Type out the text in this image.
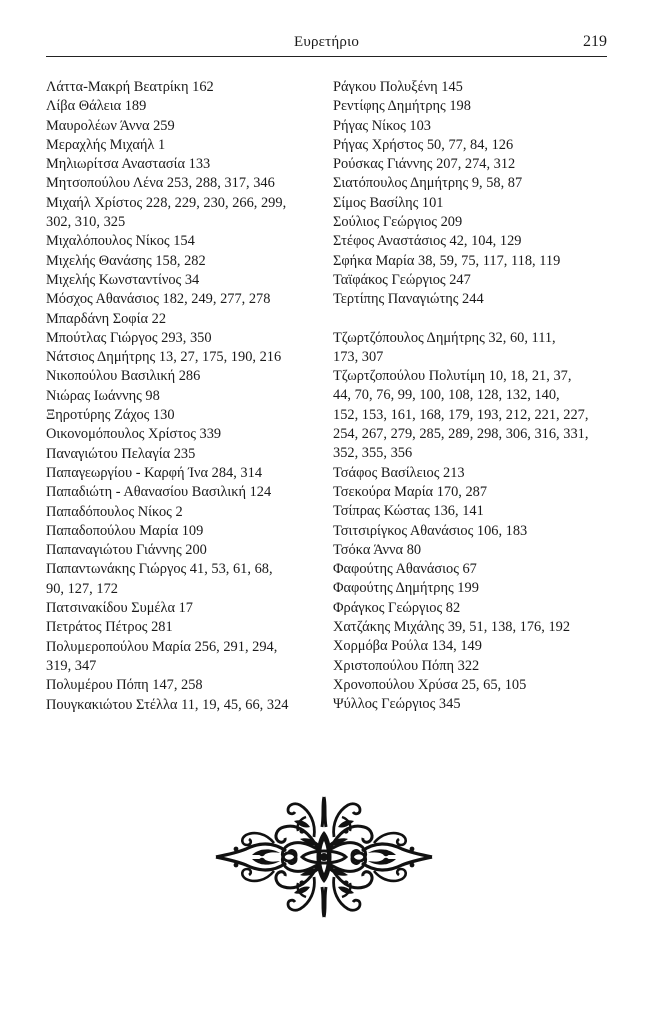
Ευρετήριο	219
Λάττα-Μακρή Βεατρίκη 162
Λίβα Θάλεια 189
Μαυρολέων Άννα 259
Μεραχλής Μιχαήλ 1
Μηλιωρίτσα Αναστασία 133
Μητσοπούλου Λένα 253, 288, 317, 346
Μιχαήλ Χρίστος 228, 229, 230, 266, 299,
302, 310, 325
Μιχαλόπουλος Νίκος 154
Μιχελής Θανάσης 158, 282
Μιχελής Κωνσταντίνος 34
Μόσχος Αθανάσιος 182, 249, 277, 278
Μπαρδάνη Σοφία 22
Μπούτλας Γιώργος 293, 350
Νάτσιος Δημήτρης 13, 27, 175, 190, 216
Νικοπούλου Βασιλική 286
Νιώρας Ιωάννης 98
Ξηροτύρης Ζάχος 130
Οικονομόπουλος Χρίστος 339
Παναγιώτου Πελαγία 235
Παπαγεωργίου - Καρφή Ίνα 284, 314
Παπαδιώτη - Αθανασίου Βασιλική 124
Παπαδόπουλος Νίκος 2
Παπαδοπούλου Μαρία 109
Παπαναγιώτου Γιάννης 200
Παπαντωνάκης Γιώργος 41, 53, 61, 68,
90, 127, 172
Πατσινακίδου Συμέλα 17
Πετράτος Πέτρος 281
Πολυμεροπούλου Μαρία 256, 291, 294,
319, 347
Πολυμέρου Πόπη 147, 258
Πουγκακιώτου Στέλλα 11, 19, 45, 66, 324
Ράγκου Πολυξένη 145
Ρεντίφης Δημήτρης 198
Ρήγας Νίκος 103
Ρήγας Χρήστος 50, 77, 84, 126
Ρούσκας Γιάννης 207, 274, 312
Σιατόπουλος Δημήτρης 9, 58, 87
Σίμος Βασίλης 101
Σούλιος Γεώργιος 209
Στέφος Αναστάσιος 42, 104, 129
Σφήκα Μαρία 38, 59, 75, 117, 118, 119
Ταϊφάκος Γεώργιος 247
Τερτίπης Παναγιώτης 244
Τζωρτζόπουλος Δημήτρης 32, 60, 111,
173, 307
Τζωρτζοπούλου Πολυτίμη 10, 18, 21, 37,
44, 70, 76, 99, 100, 108, 128, 132, 140,
152, 153, 161, 168, 179, 193, 212, 221, 227,
254, 267, 279, 285, 289, 298, 306, 316, 331,
352, 355, 356
Τσάφος Βασίλειος 213
Τσεκούρα Μαρία 170, 287
Τσίπρας Κώστας 136, 141
Τσιτσιρίγκος Αθανάσιος 106, 183
Τσόκα Άννα 80
Φαφούτης Αθανάσιος 67
Φαφούτης Δημήτρης 199
Φράγκος Γεώργιος 82
Χατζάκης Μιχάλης 39, 51, 138, 176, 192
Χορμόβα Ρούλα 134, 149
Χριστοπούλου Πόπη 322
Χρονοπούλου Χρύσα 25, 65, 105
Ψύλλος Γεώργιος 345
